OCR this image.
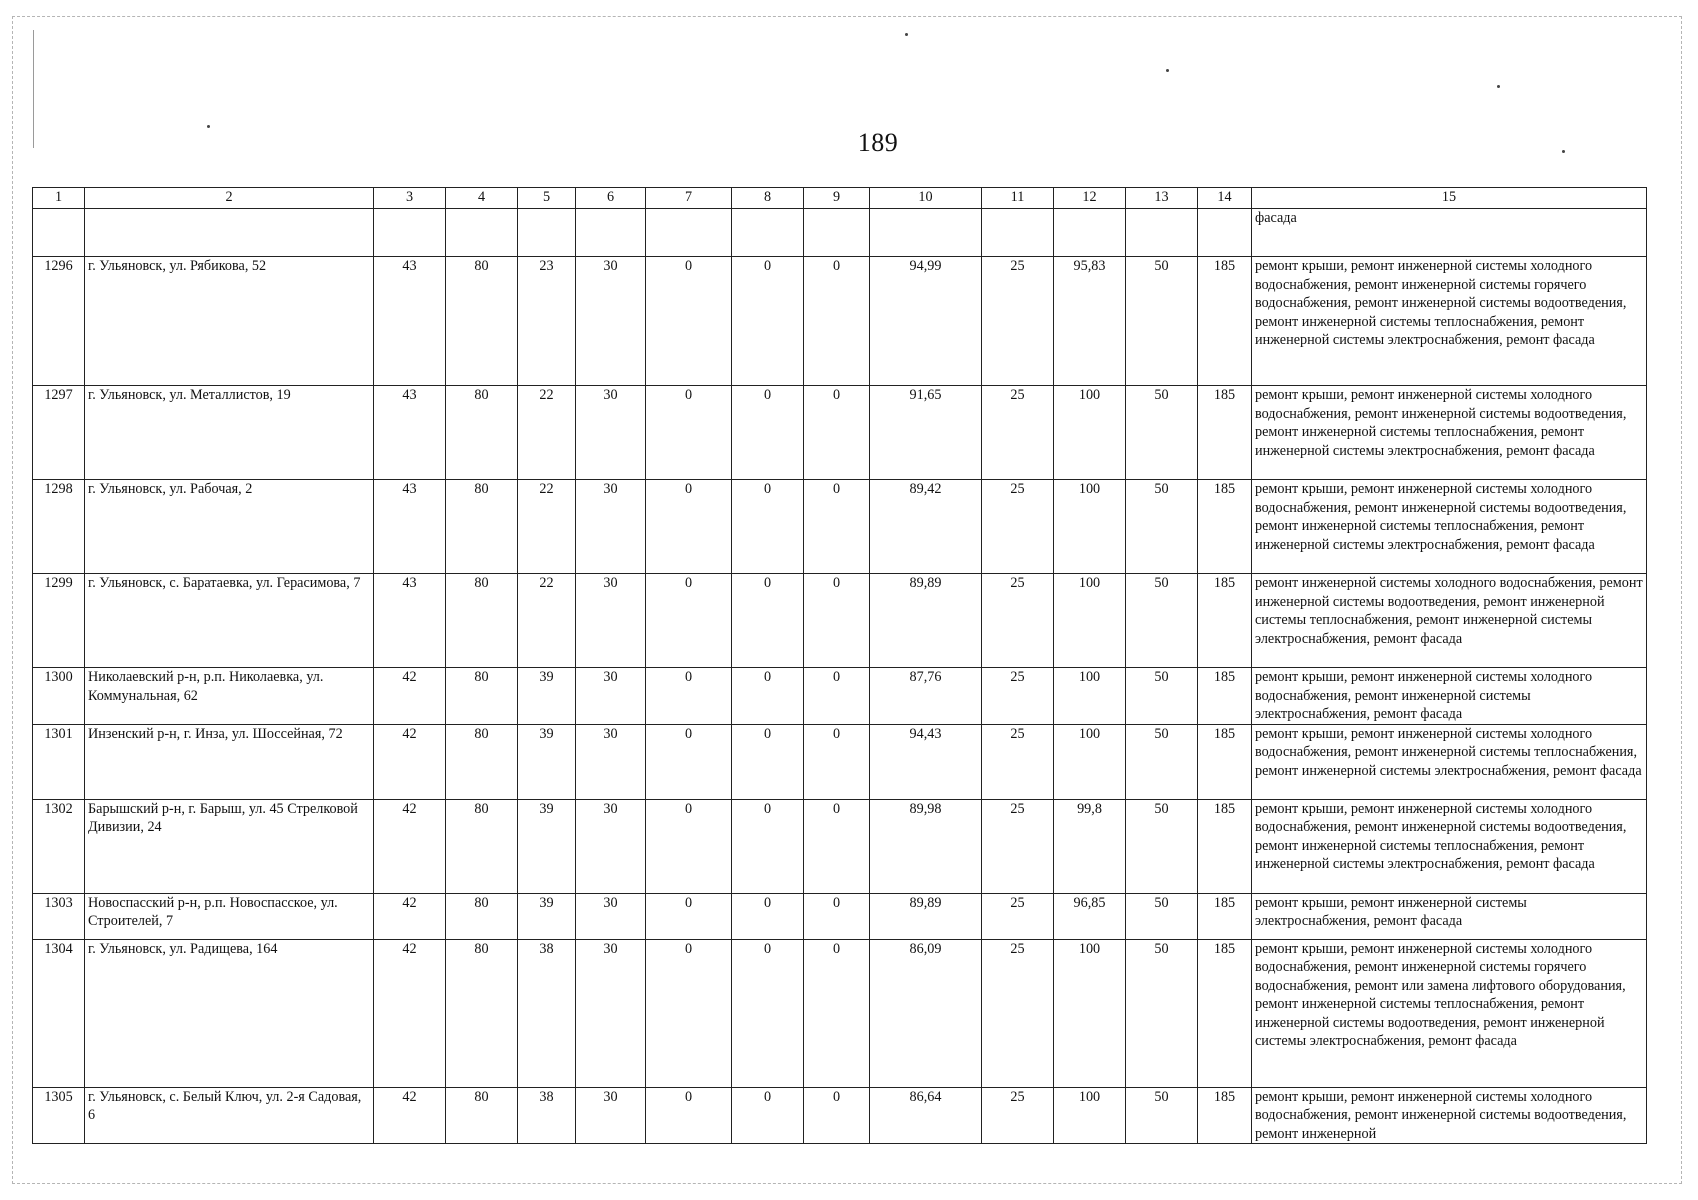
189
1	2	3	4	5	6	7	8	9	10	11	12	13	14	15
														фасада
1296	г. Ульяновск, ул. Рябикова, 52	43	80	23	30	0	0	0	94,99	25	95,83	50	185	ремонт крыши, ремонт инженерной системы холодного водоснабжения, ремонт инженерной системы горячего водоснабжения, ремонт инженерной системы водоотведения, ремонт инженерной системы теплоснабжения, ремонт инженерной системы электроснабжения, ремонт фасада
1297	г. Ульяновск, ул. Металлистов, 19	43	80	22	30	0	0	0	91,65	25	100	50	185	ремонт крыши, ремонт инженерной системы холодного водоснабжения, ремонт инженерной системы водоотведения, ремонт инженерной системы теплоснабжения, ремонт инженерной системы электроснабжения, ремонт фасада
1298	г. Ульяновск, ул. Рабочая, 2	43	80	22	30	0	0	0	89,42	25	100	50	185	ремонт крыши, ремонт инженерной системы холодного водоснабжения, ремонт инженерной системы водоотведения, ремонт инженерной системы теплоснабжения, ремонт инженерной системы электроснабжения, ремонт фасада
1299	г. Ульяновск, с. Баратаевка, ул. Герасимова, 7	43	80	22	30	0	0	0	89,89	25	100	50	185	ремонт инженерной системы холодного водоснабжения, ремонт инженерной системы водоотведения, ремонт инженерной системы теплоснабжения, ремонт инженерной системы электроснабжения, ремонт фасада
1300	Николаевский р-н, р.п. Николаевка, ул. Коммунальная, 62	42	80	39	30	0	0	0	87,76	25	100	50	185	ремонт крыши, ремонт инженерной системы холодного водоснабжения, ремонт инженерной системы электроснабжения, ремонт фасада
1301	Инзенский р-н, г. Инза, ул. Шоссейная, 72	42	80	39	30	0	0	0	94,43	25	100	50	185	ремонт крыши, ремонт инженерной системы холодного водоснабжения, ремонт инженерной системы теплоснабжения, ремонт инженерной системы электроснабжения, ремонт фасада
1302	Барышский р-н, г. Барыш, ул. 45 Стрелковой Дивизии, 24	42	80	39	30	0	0	0	89,98	25	99,8	50	185	ремонт крыши, ремонт инженерной системы холодного водоснабжения, ремонт инженерной системы водоотведения, ремонт инженерной системы теплоснабжения, ремонт инженерной системы электроснабжения, ремонт фасада
1303	Новоспасский р-н, р.п. Новоспасское, ул. Строителей, 7	42	80	39	30	0	0	0	89,89	25	96,85	50	185	ремонт крыши, ремонт инженерной системы электроснабжения, ремонт фасада
1304	г. Ульяновск, ул. Радищева, 164	42	80	38	30	0	0	0	86,09	25	100	50	185	ремонт крыши, ремонт инженерной системы холодного водоснабжения, ремонт инженерной системы горячего водоснабжения, ремонт или замена лифтового оборудования, ремонт инженерной системы теплоснабжения, ремонт инженерной системы водоотведения, ремонт инженерной системы электроснабжения, ремонт фасада
1305	г. Ульяновск, с. Белый Ключ, ул. 2-я Садовая, 6	42	80	38	30	0	0	0	86,64	25	100	50	185	ремонт крыши, ремонт инженерной системы холодного водоснабжения, ремонт инженерной системы водоотведения, ремонт инженерной
